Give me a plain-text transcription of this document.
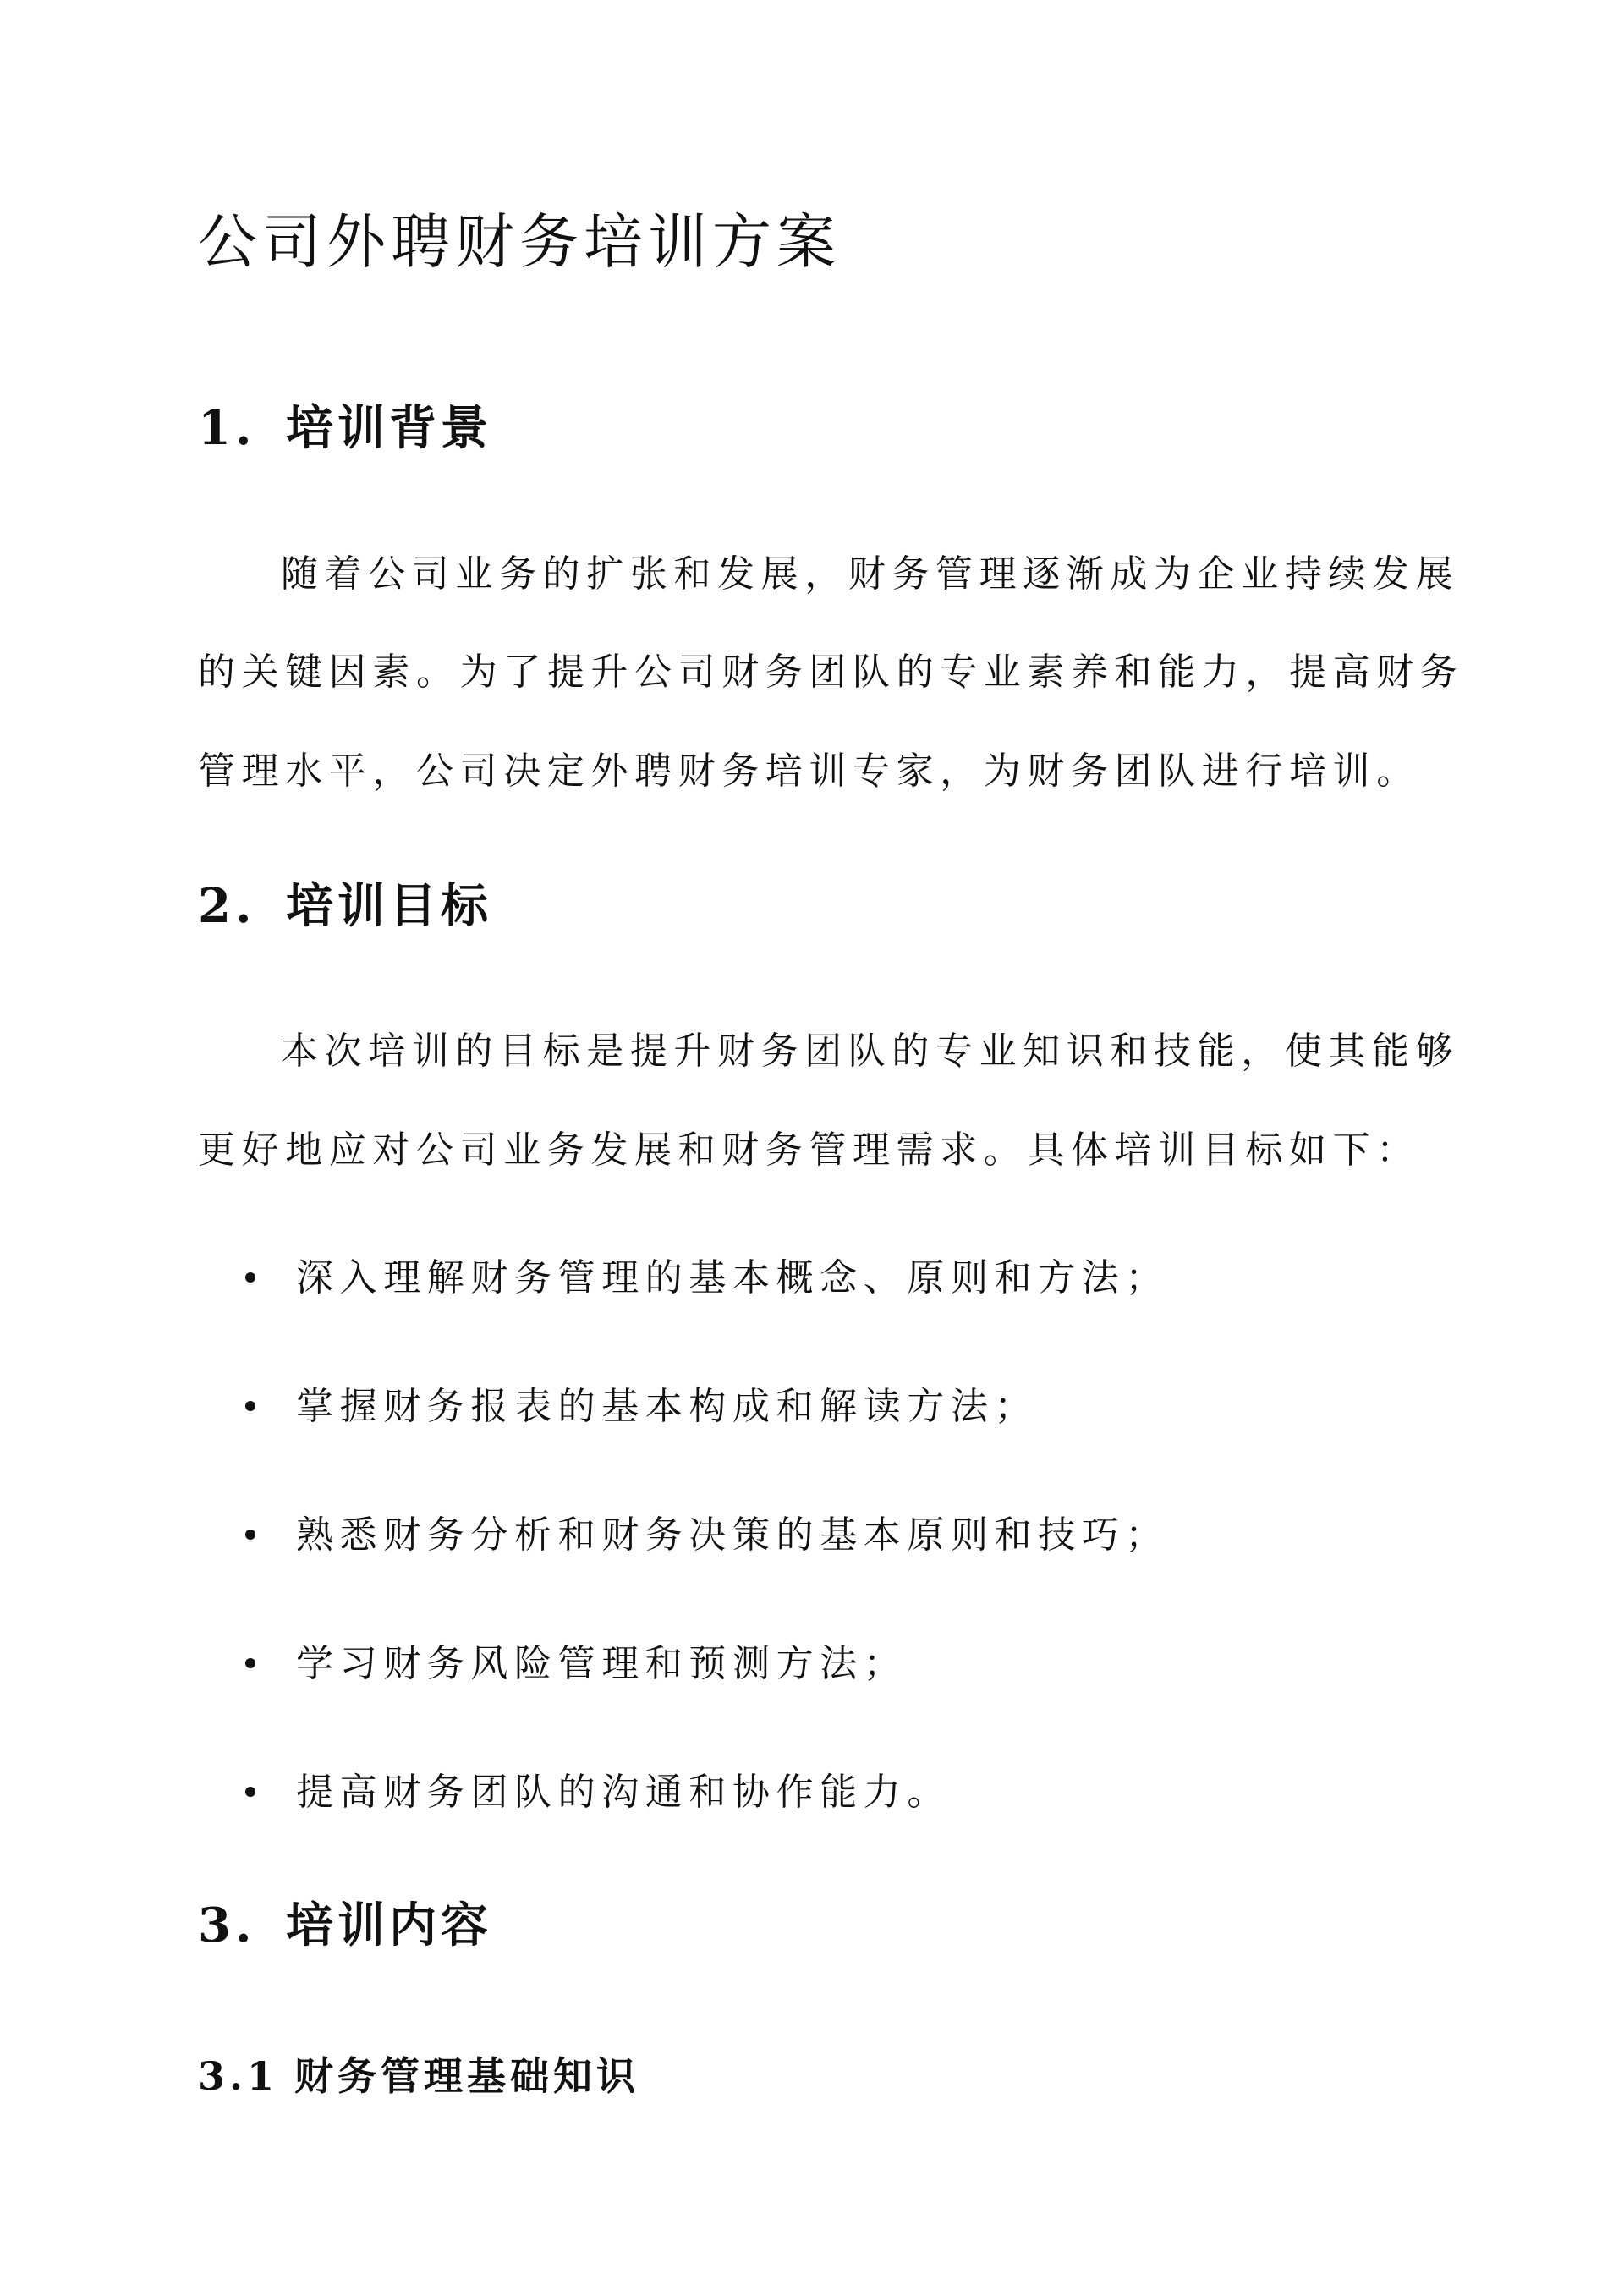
公司外聘财务培训方案
1. 培训背景

随着公司业务的扩张和发展，财务管理逐渐成为企业持续发展

的关键因素。为了提升公司财务团队的专业素养和能力，提高财务

管理水平，公司决定外聘财务培训专家，为财务团队进行培训。

2. 培训目标

本次培训的目标是提升财务团队的专业知识和技能，使其能够

更好地应对公司业务发展和财务管理需求。具体培训目标如下：

深入理解财务管理的基本概念、原则和方法；

掌握财务报表的基本构成和解读方法；

熟悉财务分析和财务决策的基本原则和技巧；

学习财务风险管理和预测方法；

提高财务团队的沟通和协作能力。

3. 培训内容
3.1 财务管理基础知识
